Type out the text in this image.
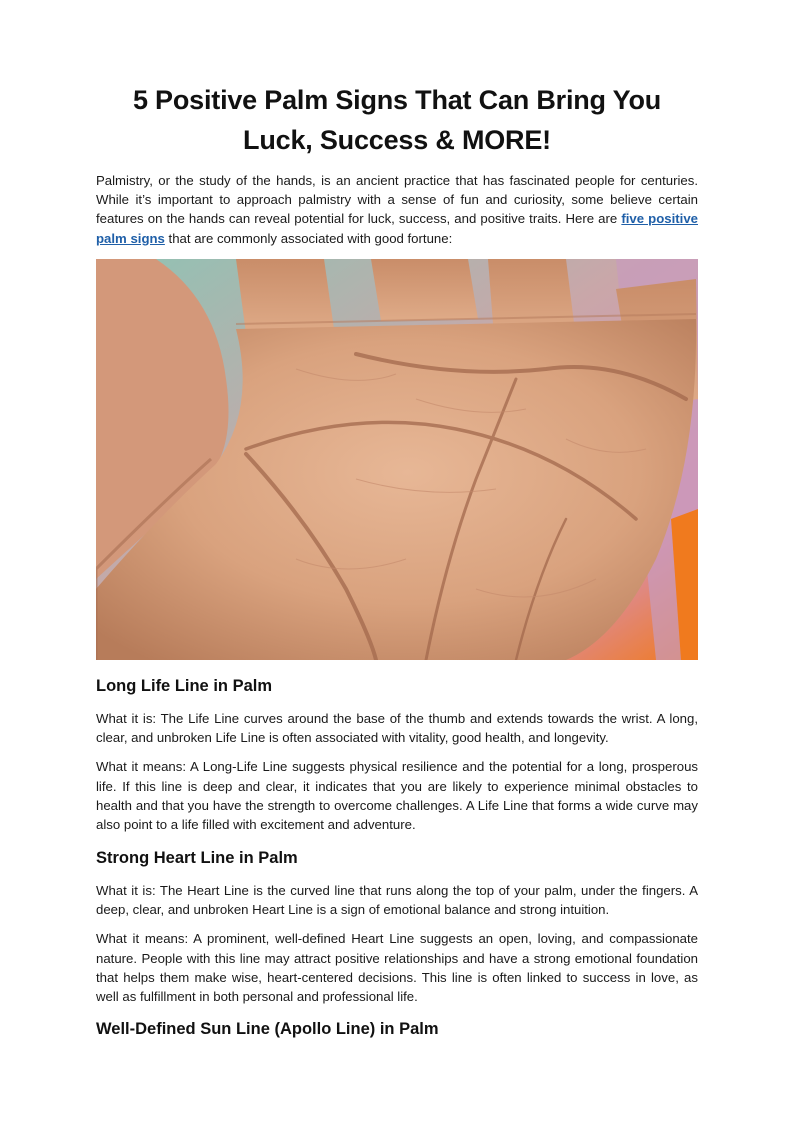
5 Positive Palm Signs That Can Bring You
Luck, Success & MORE!

Palmistry, or the study of the hands, is an ancient practice that has fascinated people for centuries. While it’s important to approach palmistry with a sense of fun and curiosity, some believe certain features on the hands can reveal potential for luck, success, and positive traits. Here are five positive palm signs that are commonly associated with good fortune:

Long Life Line in Palm

What it is: The Life Line curves around the base of the thumb and extends towards the wrist. A long, clear, and unbroken Life Line is often associated with vitality, good health, and longevity.

What it means: A Long-Life Line suggests physical resilience and the potential for a long, prosperous life. If this line is deep and clear, it indicates that you are likely to experience minimal obstacles to health and that you have the strength to overcome challenges. A Life Line that forms a wide curve may also point to a life filled with excitement and adventure.

Strong Heart Line in Palm

What it is: The Heart Line is the curved line that runs along the top of your palm, under the fingers. A deep, clear, and unbroken Heart Line is a sign of emotional balance and strong intuition.

What it means: A prominent, well-defined Heart Line suggests an open, loving, and compassionate nature. People with this line may attract positive relationships and have a strong emotional foundation that helps them make wise, heart-centered decisions. This line is often linked to success in love, as well as fulfillment in both personal and professional life.

Well-Defined Sun Line (Apollo Line) in Palm
